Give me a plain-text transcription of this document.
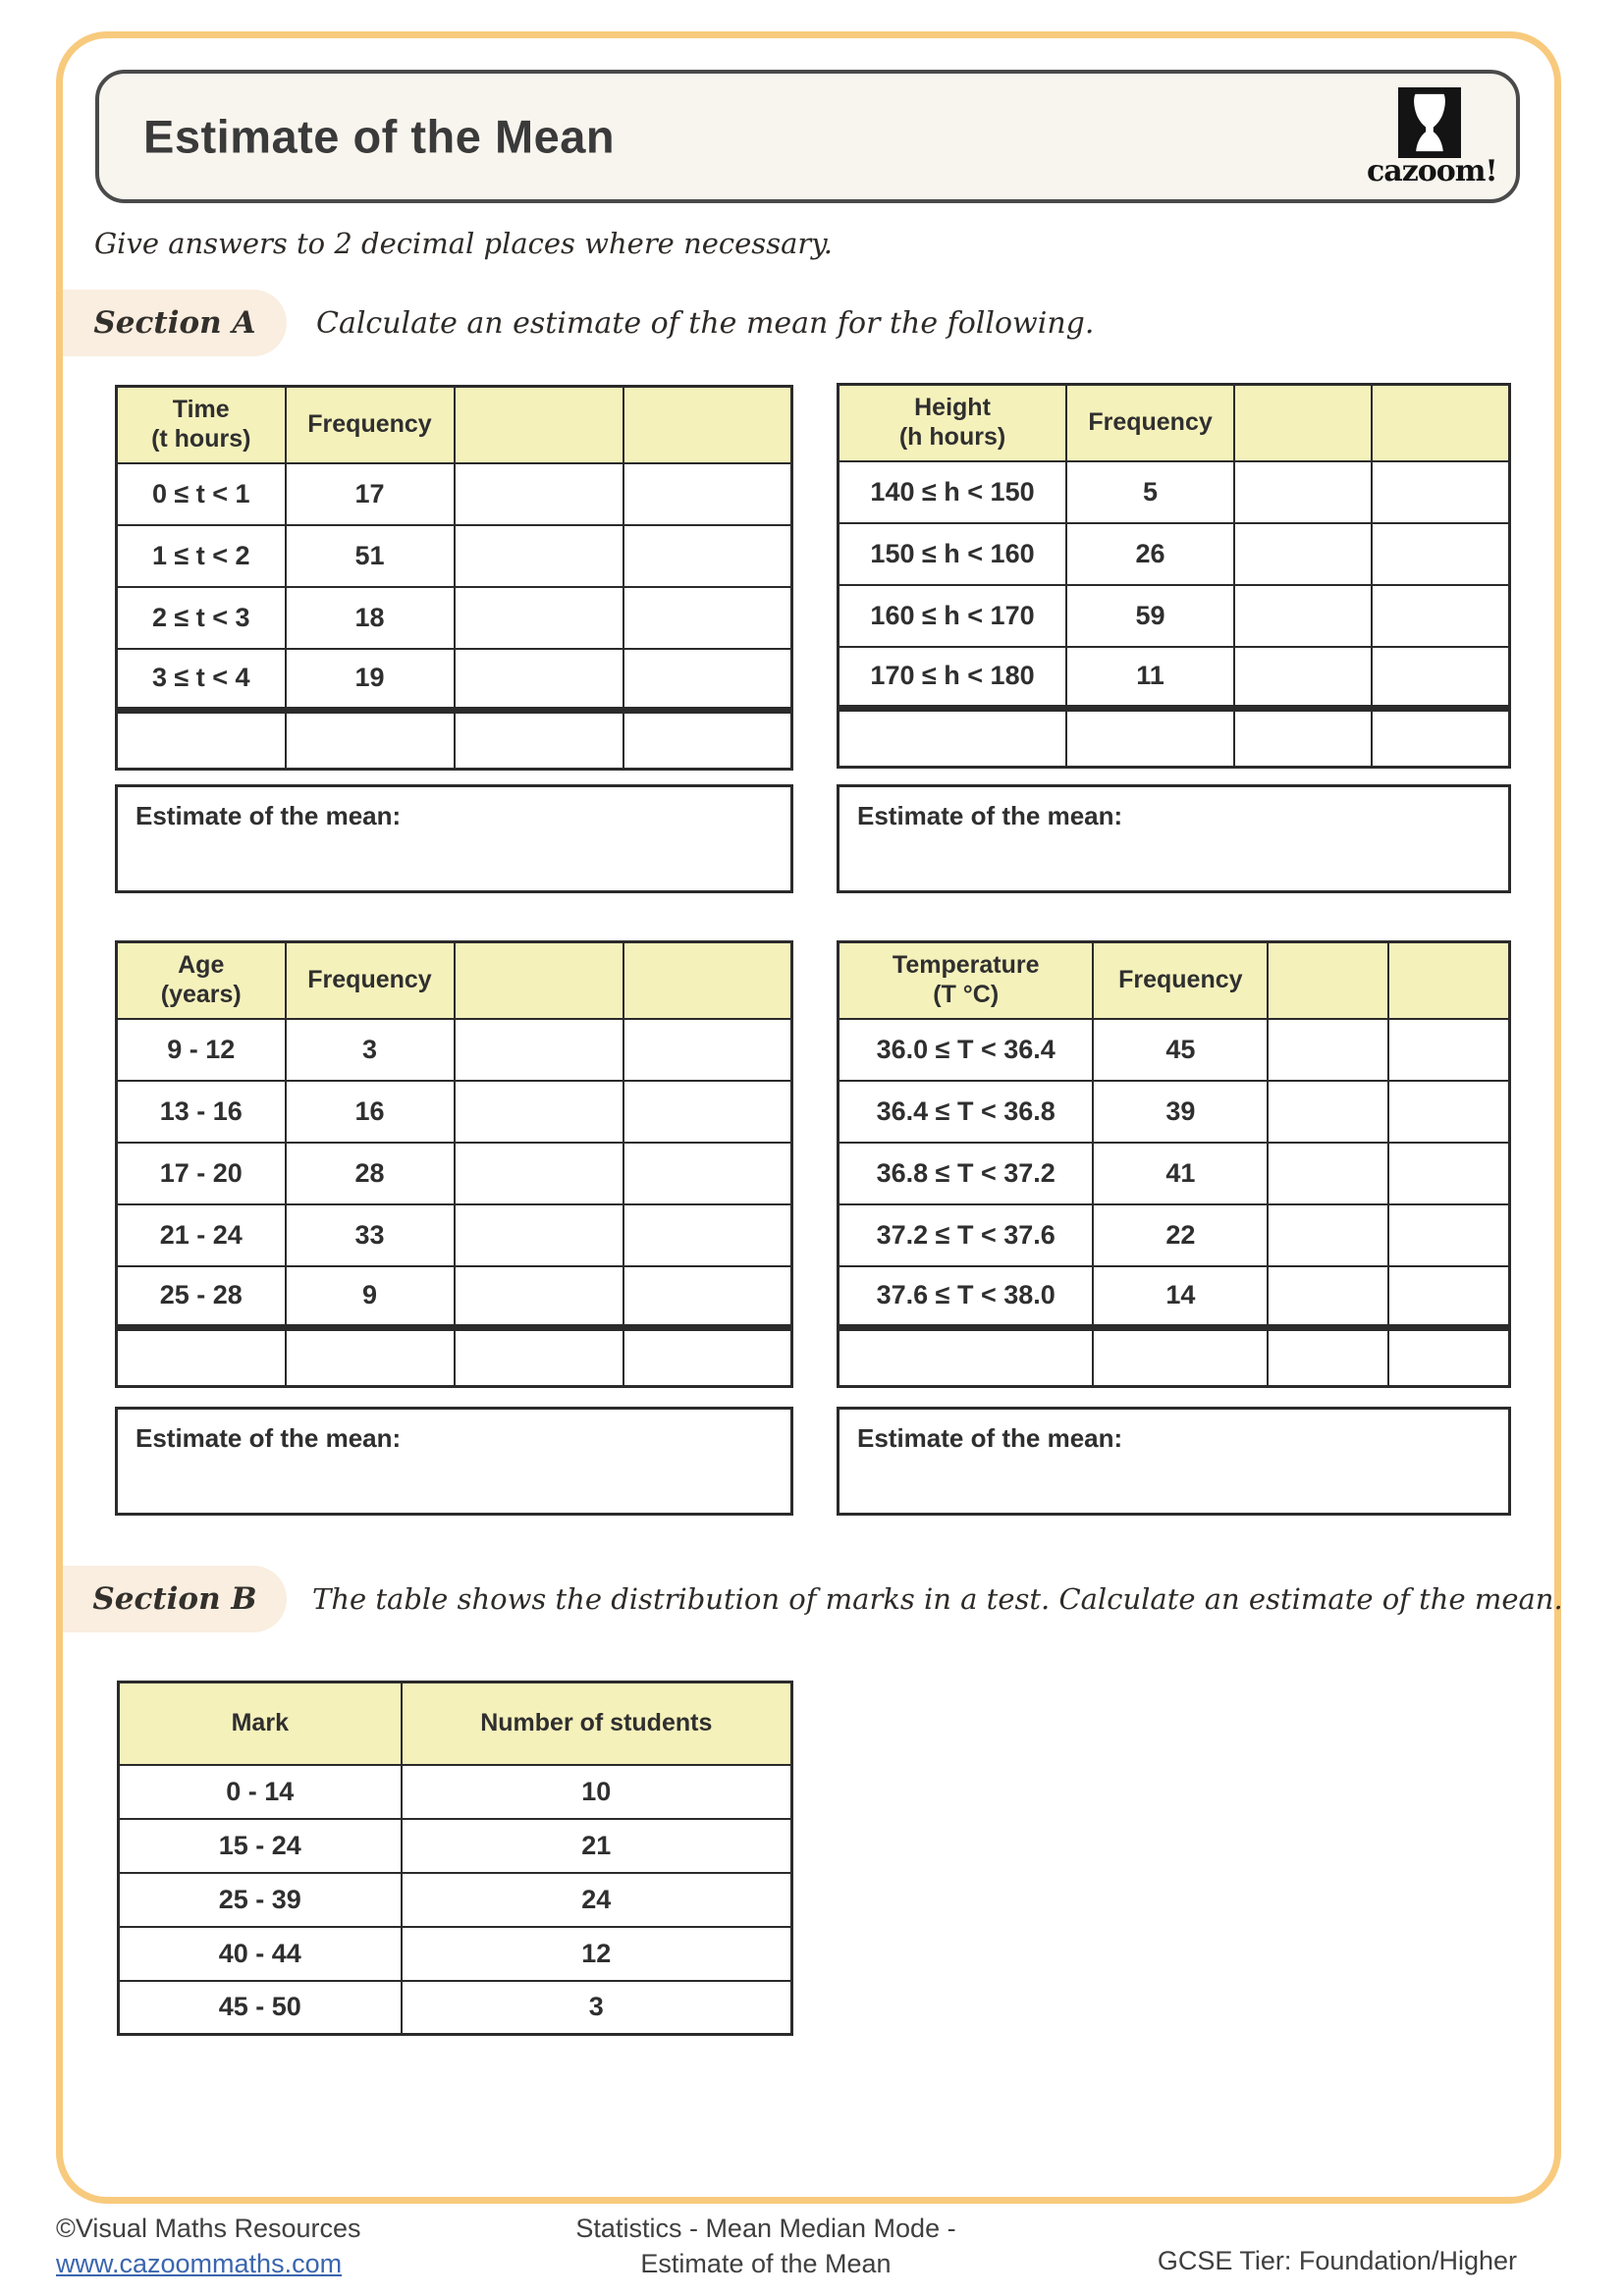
Estimate of the Mean
cazoom!
Give answers to 2 decimal places where necessary.
Section A	Calculate an estimate of the mean for the following.
Time
(t hours)	Frequency		
0 ≤ t < 1	17		
1 ≤ t < 2	51		
2 ≤ t < 3	18		
3 ≤ t < 4	19		

Height
(h hours)	Frequency		
140 ≤ h < 150	5		
150 ≤ h < 160	26		
160 ≤ h < 170	59		
170 ≤ h < 180	11		

Estimate of the mean:	Estimate of the mean:
Age
(years)	Frequency		
9 - 12	3		
13 - 16	16		
17 - 20	28		
21 - 24	33		
25 - 28	9		

Temperature
(T °C)	Frequency		
36.0 ≤ T < 36.4	45		
36.4 ≤ T < 36.8	39		
36.8 ≤ T < 37.2	41		
37.2 ≤ T < 37.6	22		
37.6 ≤ T < 38.0	14		

Estimate of the mean:	Estimate of the mean:
Section B	The table shows the distribution of marks in a test. Calculate an estimate of the mean.
Mark	Number of students
0 - 14	10
15 - 24	21
25 - 39	24
40 - 44	12
45 - 50	3
©Visual Maths Resources
www.cazoommaths.com
Statistics - Mean Median Mode -
Estimate of the Mean	GCSE Tier: Foundation/Higher
